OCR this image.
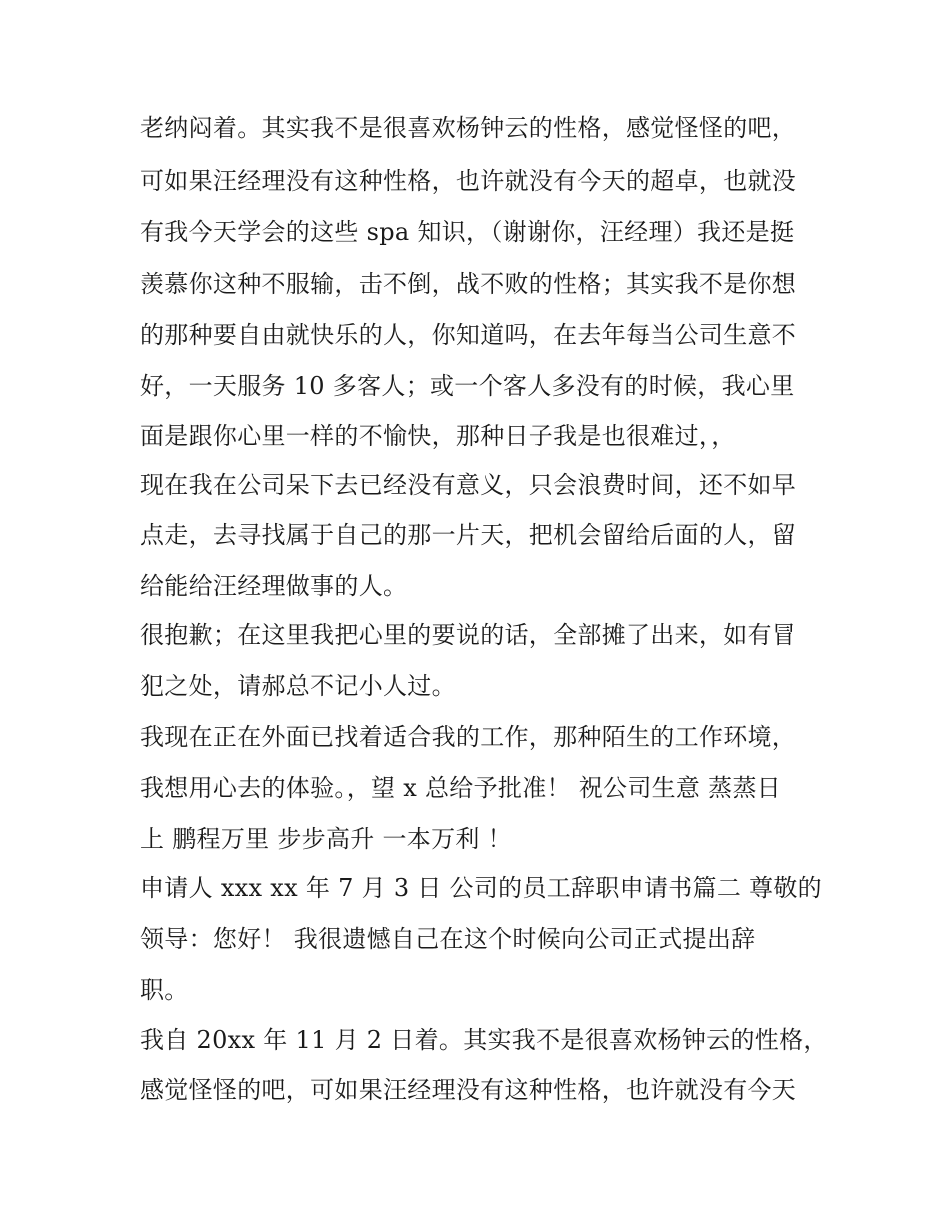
老纳闷着。其实我不是很喜欢杨钟云的性格，感觉怪怪的吧，
可如果汪经理没有这种性格，也许就没有今天的超卓，也就没
有我今天学会的这些 spa 知识，（谢谢你，汪经理）我还是挺
羡慕你这种不服输，击不倒，战不败的性格；其实我不是你想
的那种要自由就快乐的人，你知道吗，在去年每当公司生意不
好，一天服务 10 多客人；或一个客人多没有的时候，我心里
面是跟你心里一样的不愉快，那种日子我是也很难过，，
现在我在公司呆下去已经没有意义，只会浪费时间，还不如早
点走，去寻找属于自己的那一片天，把机会留给后面的人，留
给能给汪经理做事的人。
很抱歉；在这里我把心里的要说的话，全部摊了出来，如有冒
犯之处，请郝总不记小人过。
我现在正在外面已找着适合我的工作，那种陌生的工作环境，
我想用心去的体验。，望 x 总给予批准！ 祝公司生意 蒸蒸日
上 鹏程万里 步步高升 一本万利 ！
申请人 xxx xx 年 7 月 3 日 公司的员工辞职申请书篇二 尊敬的
领导：您好！ 我很遗憾自己在这个时候向公司正式提出辞
职。
我自 20xx 年 11 月 2 日着。其实我不是很喜欢杨钟云的性格，
感觉怪怪的吧，可如果汪经理没有这种性格，也许就没有今天
